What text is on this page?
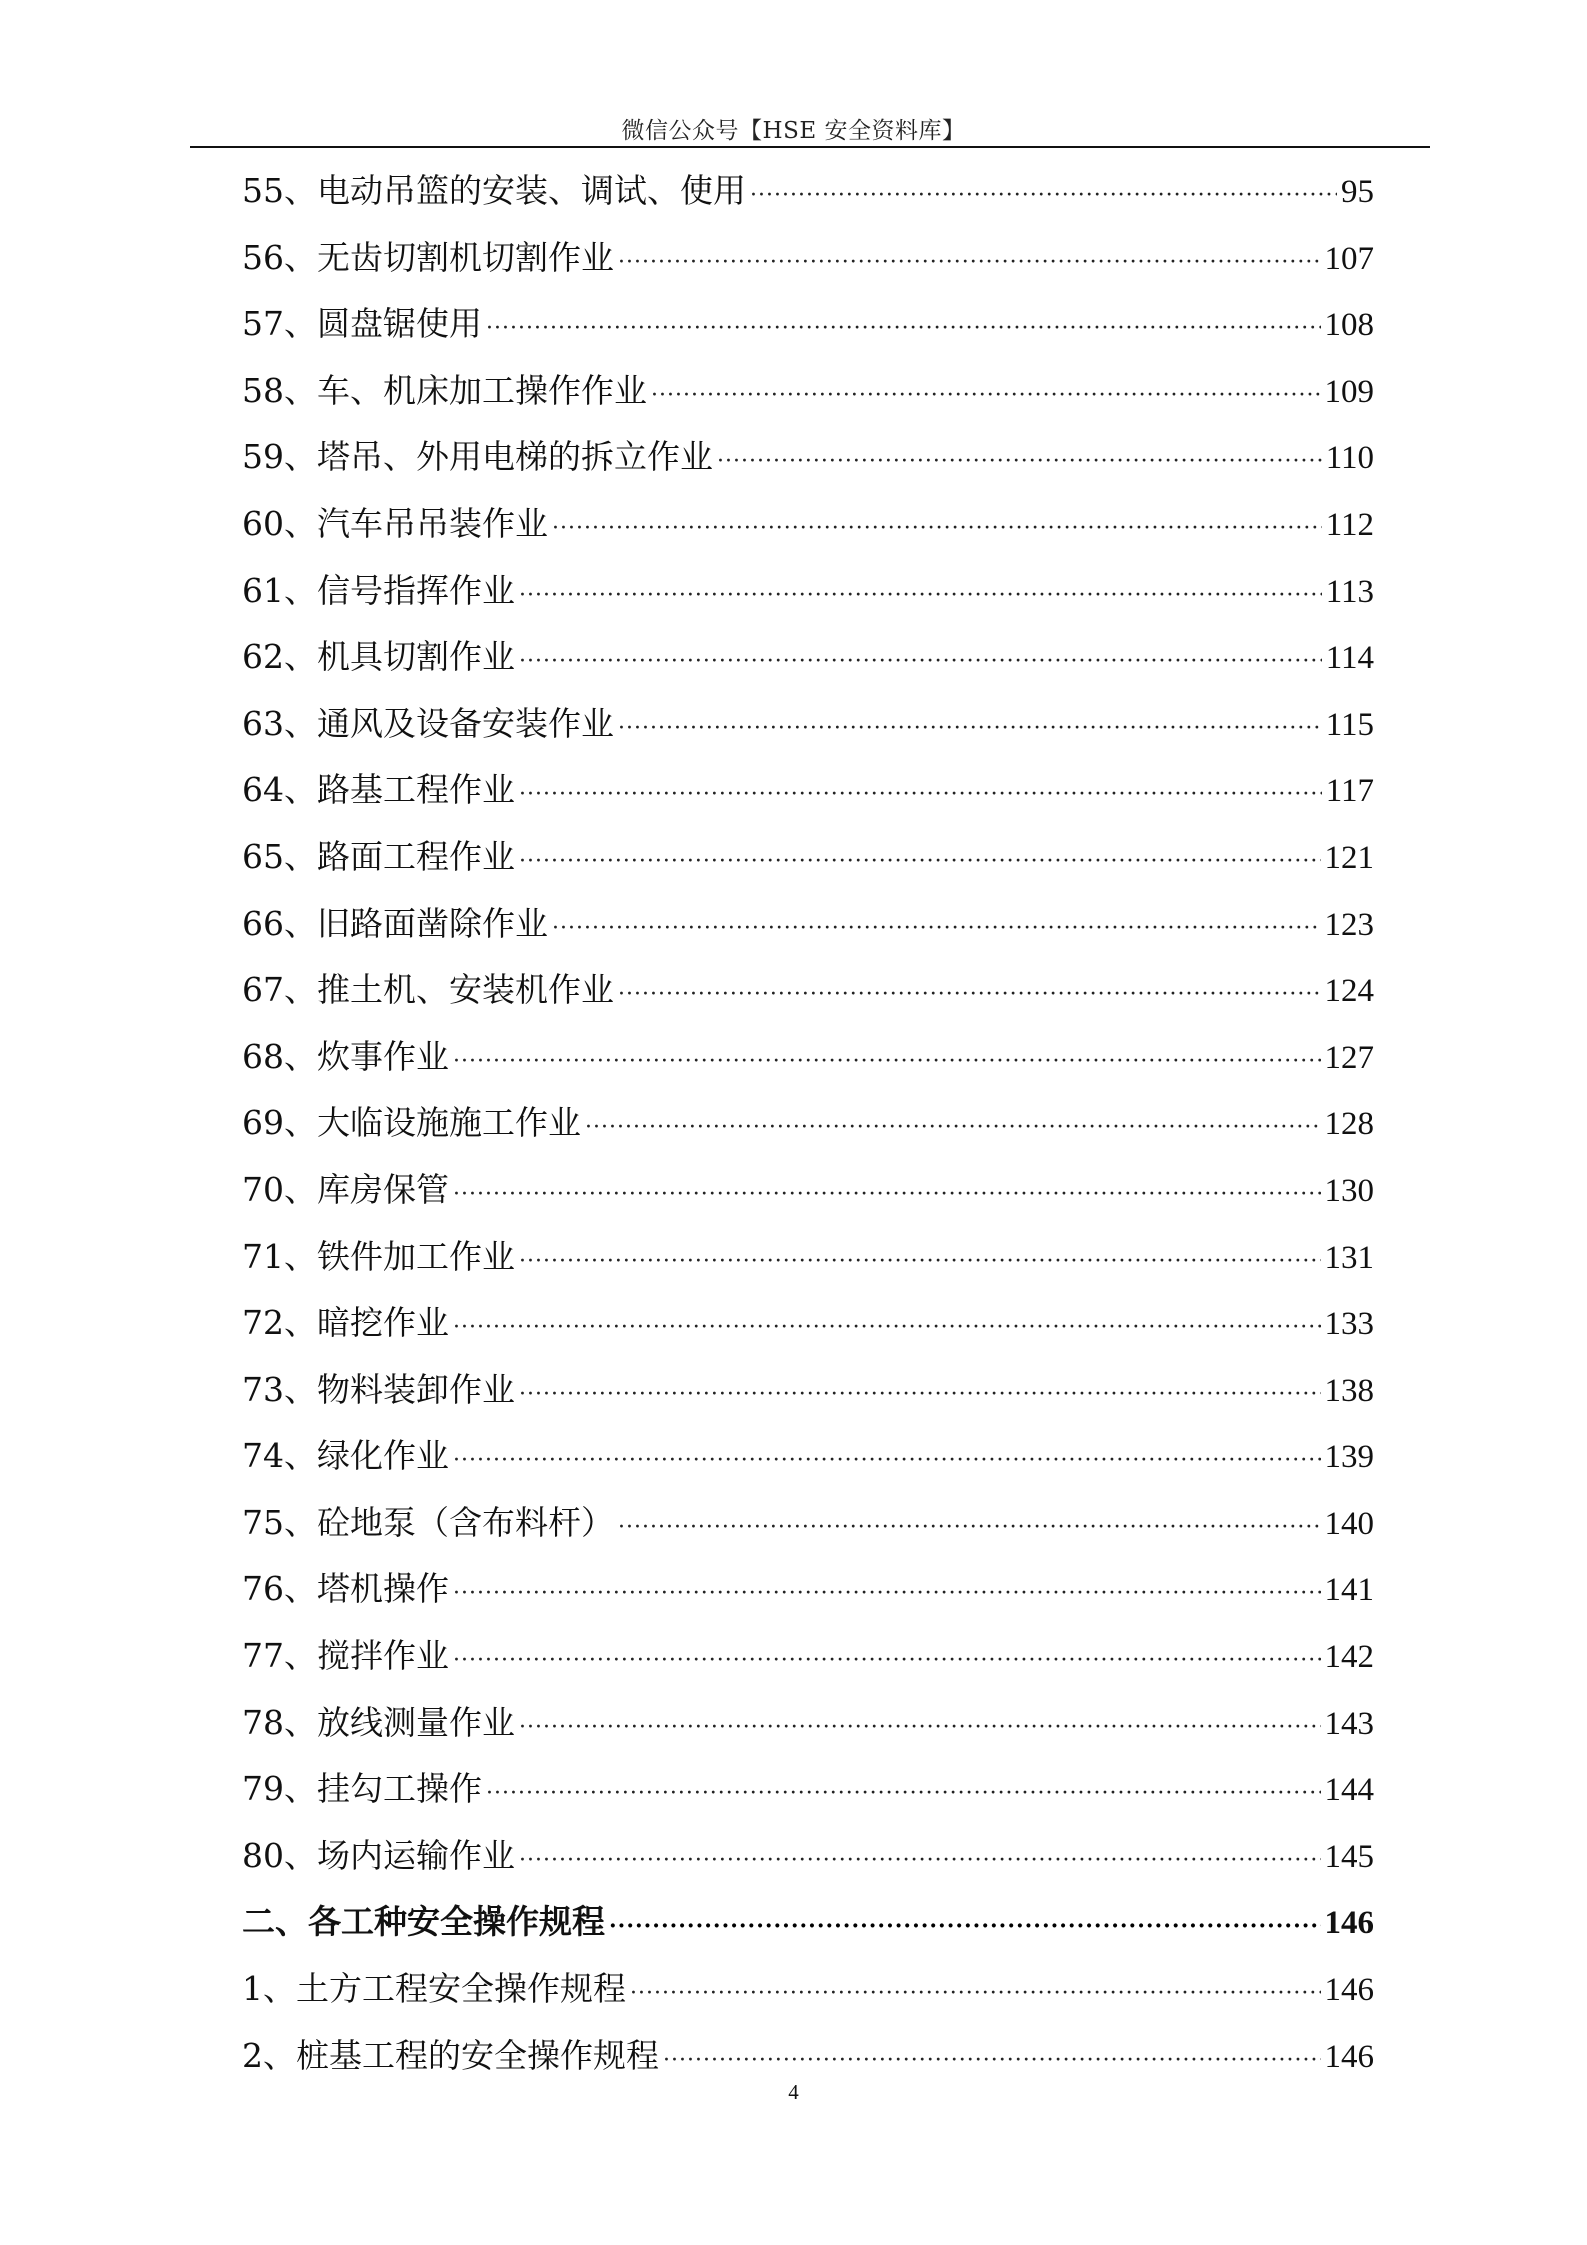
微信公众号【HSE 安全资料库】
55、电动吊篮的安装、调试、使用 ·····	95
56、无齿切割机切割作业 ·····	107
57、圆盘锯使用 ·····	108
58、车、机床加工操作作业 ·····	109
59、塔吊、外用电梯的拆立作业 ·····	110
60、汽车吊吊装作业 ·····	112
61、信号指挥作业 ·····	113
62、机具切割作业 ·····	114
63、通风及设备安装作业 ·····	115
64、路基工程作业 ·····	117
65、路面工程作业 ·····	121
66、旧路面凿除作业 ·····	123
67、推土机、安装机作业 ·····	124
68、炊事作业 ·····	127
69、大临设施施工作业 ·····	128
70、库房保管 ·····	130
71、铁件加工作业 ·····	131
72、暗挖作业 ·····	133
73、物料装卸作业 ·····	138
74、绿化作业 ·····	139
75、砼地泵（含布料杆） ·····	140
76、塔机操作 ·····	141
77、搅拌作业 ·····	142
78、放线测量作业 ·····	143
79、挂勾工操作 ·····	144
80、场内运输作业 ·····	145
二、各工种安全操作规程 ·····	146
1、土方工程安全操作规程 ·····	146
2、桩基工程的安全操作规程 ·····	146
4
